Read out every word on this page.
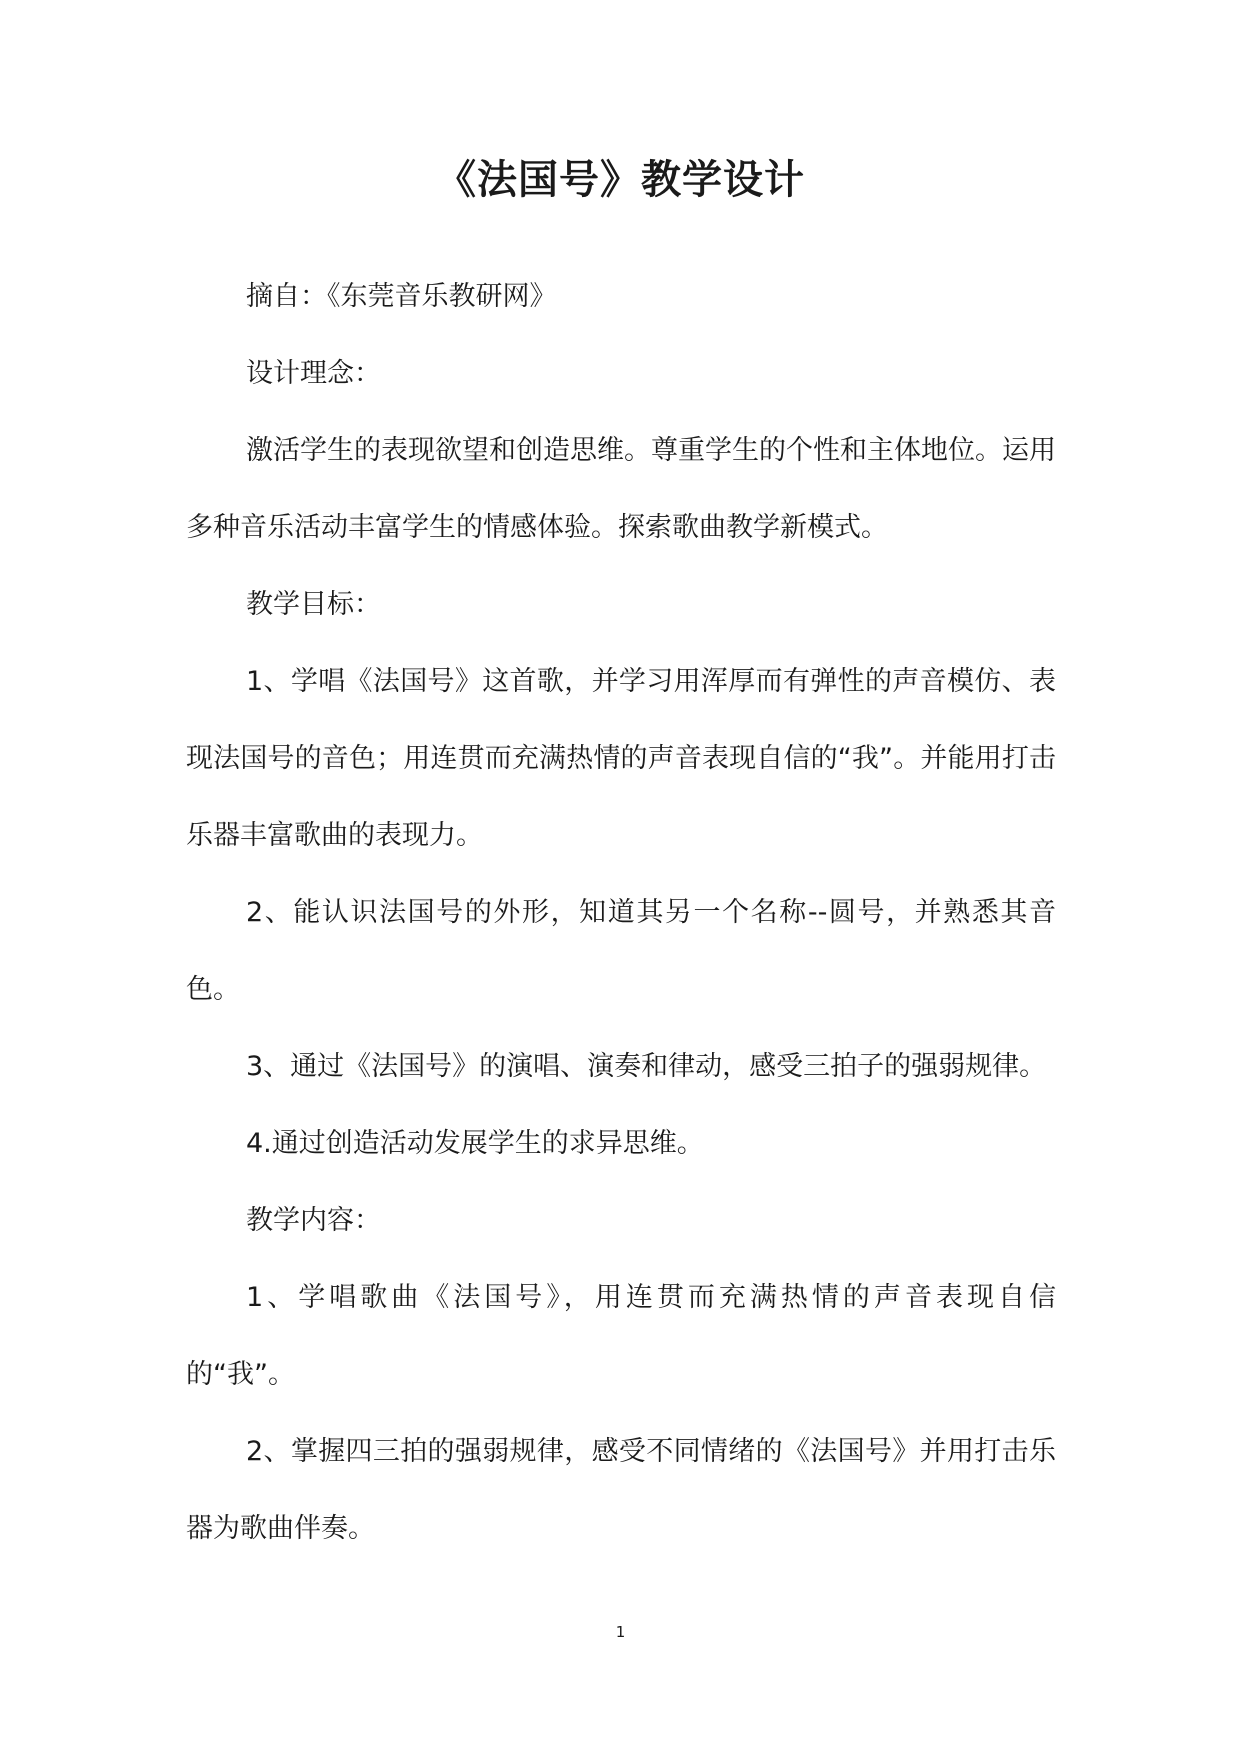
《法国号》教学设计

摘自：《东莞音乐教研网》

设计理念：

激活学生的表现欲望和创造思维。尊重学生的个性和主体地位。运用多种音乐活动丰富学生的情感体验。探索歌曲教学新模式。

教学目标：

1、学唱《法国号》这首歌，并学习用浑厚而有弹性的声音模仿、表现法国号的音色；用连贯而充满热情的声音表现自信的“我”。并能用打击乐器丰富歌曲的表现力。

2、能认识法国号的外形，知道其另一个名称--圆号，并熟悉其音色。

3、通过《法国号》的演唱、演奏和律动，感受三拍子的强弱规律。

4.通过创造活动发展学生的求异思维。

教学内容：

1、学唱歌曲《法国号》，用连贯而充满热情的声音表现自信的“我”。

2、掌握四三拍的强弱规律，感受不同情绪的《法国号》并用打击乐器为歌曲伴奏。

1
